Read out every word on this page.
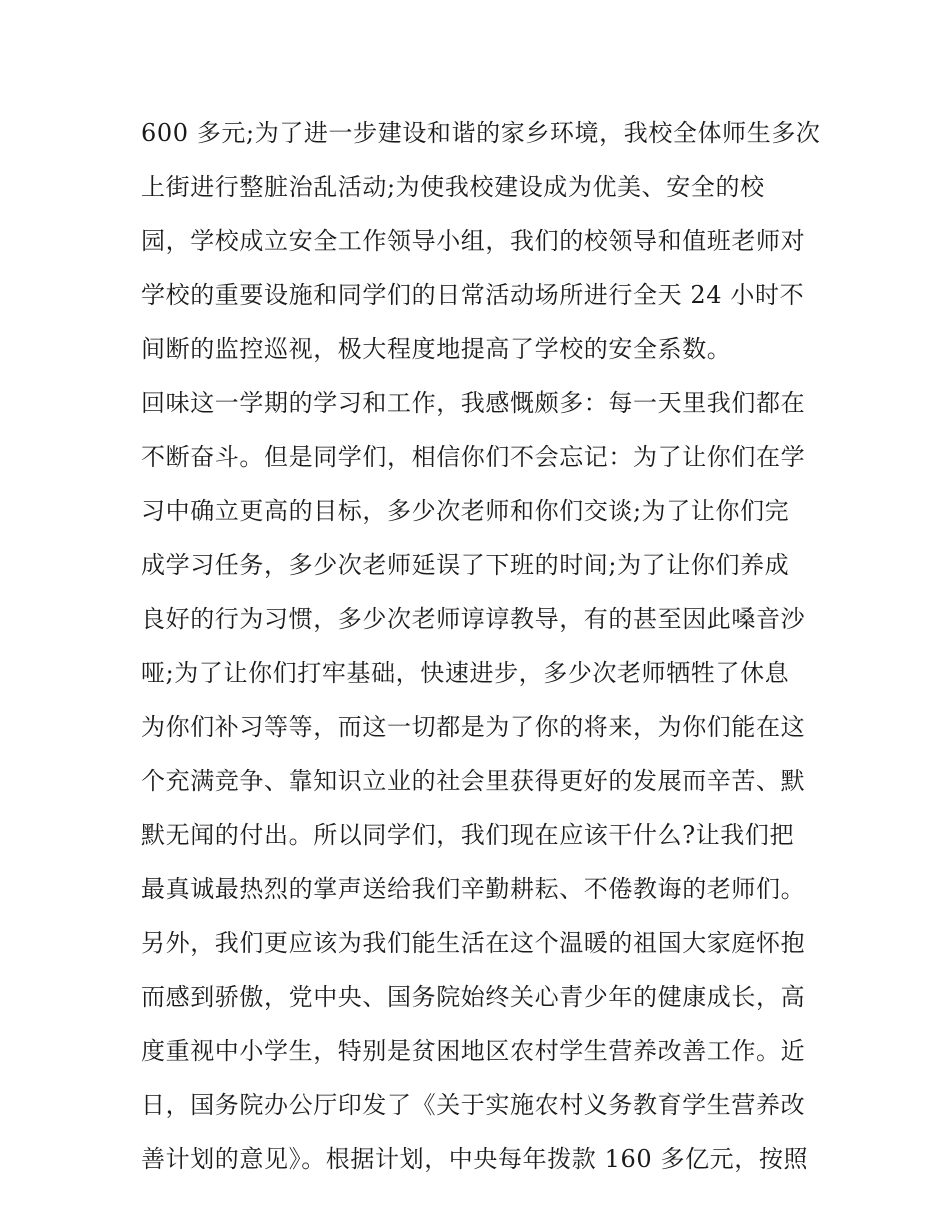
600 多元;为了进一步建设和谐的家乡环境，我校全体师生多次
上街进行整脏治乱活动;为使我校建设成为优美、安全的校
园，学校成立安全工作领导小组，我们的校领导和值班老师对
学校的重要设施和同学们的日常活动场所进行全天 24 小时不
间断的监控巡视，极大程度地提高了学校的安全系数。
回味这一学期的学习和工作，我感慨颇多：每一天里我们都在
不断奋斗。但是同学们，相信你们不会忘记：为了让你们在学
习中确立更高的目标，多少次老师和你们交谈;为了让你们完
成学习任务，多少次老师延误了下班的时间;为了让你们养成
良好的行为习惯，多少次老师谆谆教导，有的甚至因此嗓音沙
哑;为了让你们打牢基础，快速进步，多少次老师牺牲了休息
为你们补习等等，而这一切都是为了你的将来，为你们能在这
个充满竞争、靠知识立业的社会里获得更好的发展而辛苦、默
默无闻的付出。所以同学们，我们现在应该干什么?让我们把
最真诚最热烈的掌声送给我们辛勤耕耘、不倦教诲的老师们。
另外，我们更应该为我们能生活在这个温暖的祖国大家庭怀抱
而感到骄傲，党中央、国务院始终关心青少年的健康成长，高
度重视中小学生，特别是贫困地区农村学生营养改善工作。近
日，国务院办公厅印发了《关于实施农村义务教育学生营养改
善计划的意见》。根据计划，中央每年拨款 160 多亿元，按照
